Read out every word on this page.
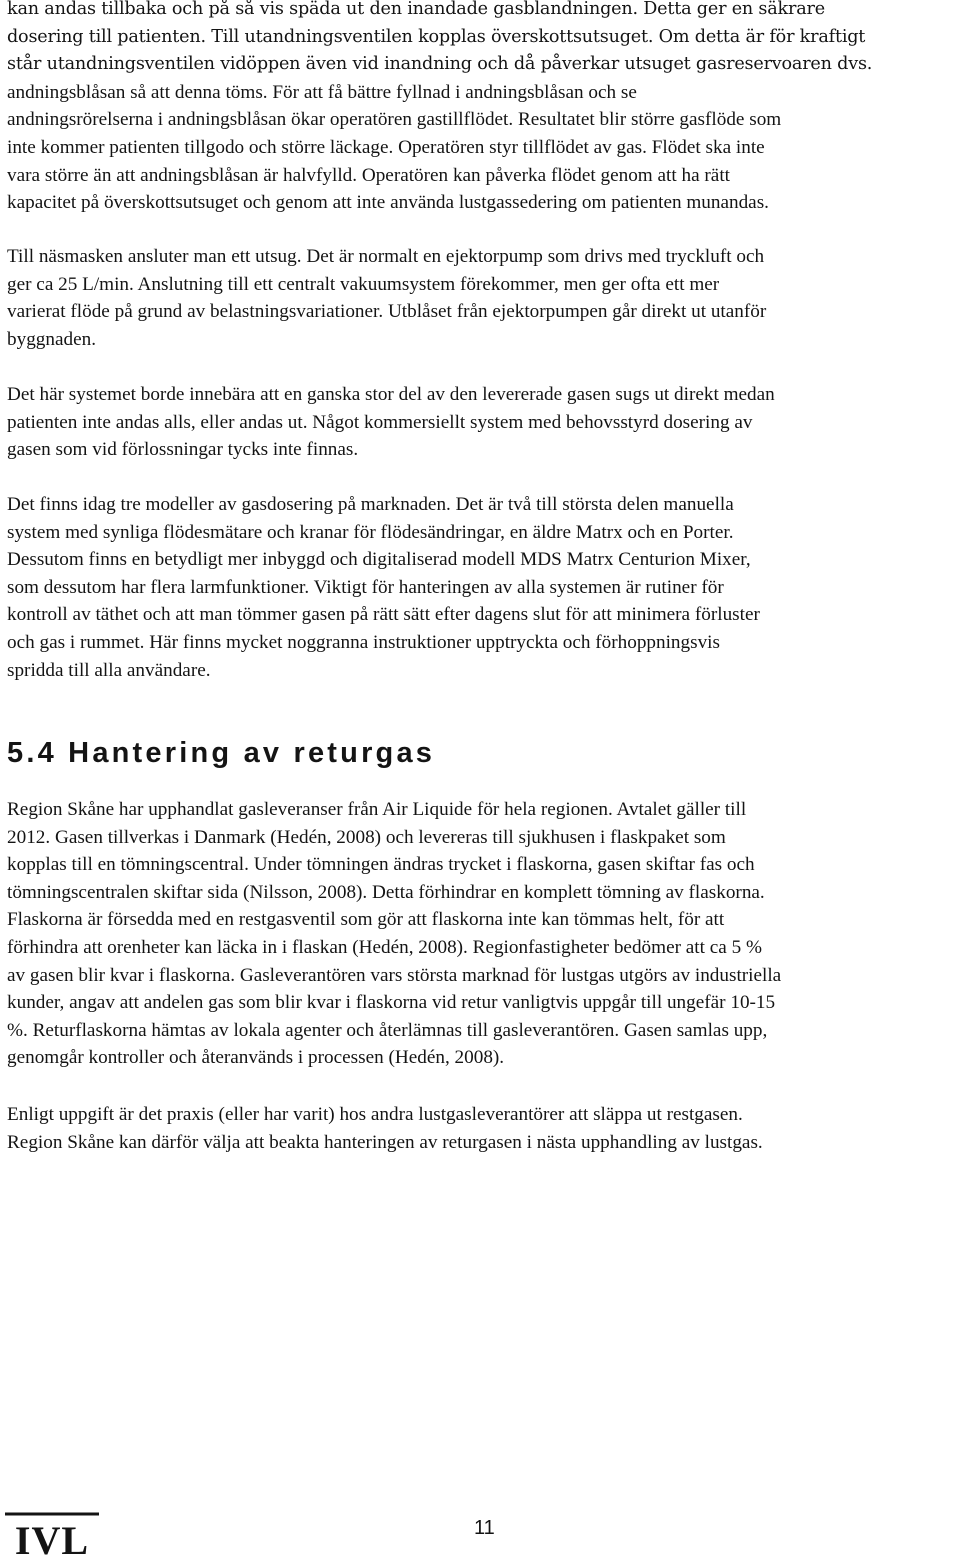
kan andas tillbaka och på så vis späda ut den inandade gasblandningen. Detta ger en säkrare
dosering till patienten. Till utandningsventilen kopplas överskottsutsuget. Om detta är för kraftigt
står utandningsventilen vidöppen även vid inandning och då påverkar utsuget gasreservoaren dvs.
andningsblåsan så att denna töms. För att få bättre fyllnad i andningsblåsan och se
andningsrörelserna i andningsblåsan ökar operatören gastillflödet. Resultatet blir större gasflöde som
inte kommer patienten tillgodo och större läckage. Operatören styr tillflödet av gas. Flödet ska inte
vara större än att andningsblåsan är halvfylld. Operatören kan påverka flödet genom att ha rätt
kapacitet på överskottsutsuget och genom att inte använda lustgassedering om patienten munandas.
Till näsmasken ansluter man ett utsug. Det är normalt en ejektorpump som drivs med tryckluft och
ger ca 25 L/min. Anslutning till ett centralt vakuumsystem förekommer, men ger ofta ett mer
varierat flöde på grund av belastningsvariationer. Utblåset från ejektorpumpen går direkt ut utanför
byggnaden.
Det här systemet borde innebära att en ganska stor del av den levererade gasen sugs ut direkt medan
patienten inte andas alls, eller andas ut. Något kommersiellt system med behovsstyrd dosering av
gasen som vid förlossningar tycks inte finnas.
Det finns idag tre modeller av gasdosering på marknaden. Det är två till största delen manuella
system med synliga flödesmätare och kranar för flödesändringar, en äldre Matrx och en Porter.
Dessutom finns en betydligt mer inbyggd och digitaliserad modell MDS Matrx Centurion Mixer,
som dessutom har flera larmfunktioner. Viktigt för hanteringen av alla systemen är rutiner för
kontroll av täthet och att man tömmer gasen på rätt sätt efter dagens slut för att minimera förluster
och gas i rummet. Här finns mycket noggranna instruktioner upptryckta och förhoppningsvis
spridda till alla användare.
5.4 Hantering av returgas
Region Skåne har upphandlat gasleveranser från Air Liquide för hela regionen. Avtalet gäller till
2012. Gasen tillverkas i Danmark (Hedén, 2008) och levereras till sjukhusen i flaskpaket som
kopplas till en tömningscentral. Under tömningen ändras trycket i flaskorna, gasen skiftar fas och
tömningscentralen skiftar sida (Nilsson, 2008). Detta förhindrar en komplett tömning av flaskorna.
Flaskorna är försedda med en restgasventil som gör att flaskorna inte kan tömmas helt, för att
förhindra att orenheter kan läcka in i flaskan (Hedén, 2008). Regionfastigheter bedömer att ca 5 %
av gasen blir kvar i flaskorna. Gasleverantören vars största marknad för lustgas utgörs av industriella
kunder, angav att andelen gas som blir kvar i flaskorna vid retur vanligtvis uppgår till ungefär 10-15
%. Returflaskorna hämtas av lokala agenter och återlämnas till gasleverantören. Gasen samlas upp,
genomgår kontroller och återanvänds i processen (Hedén, 2008).
Enligt uppgift är det praxis (eller har varit) hos andra lustgasleverantörer att släppa ut restgasen.
Region Skåne kan därför välja att beakta hanteringen av returgasen i nästa upphandling av lustgas.
IVL	11
